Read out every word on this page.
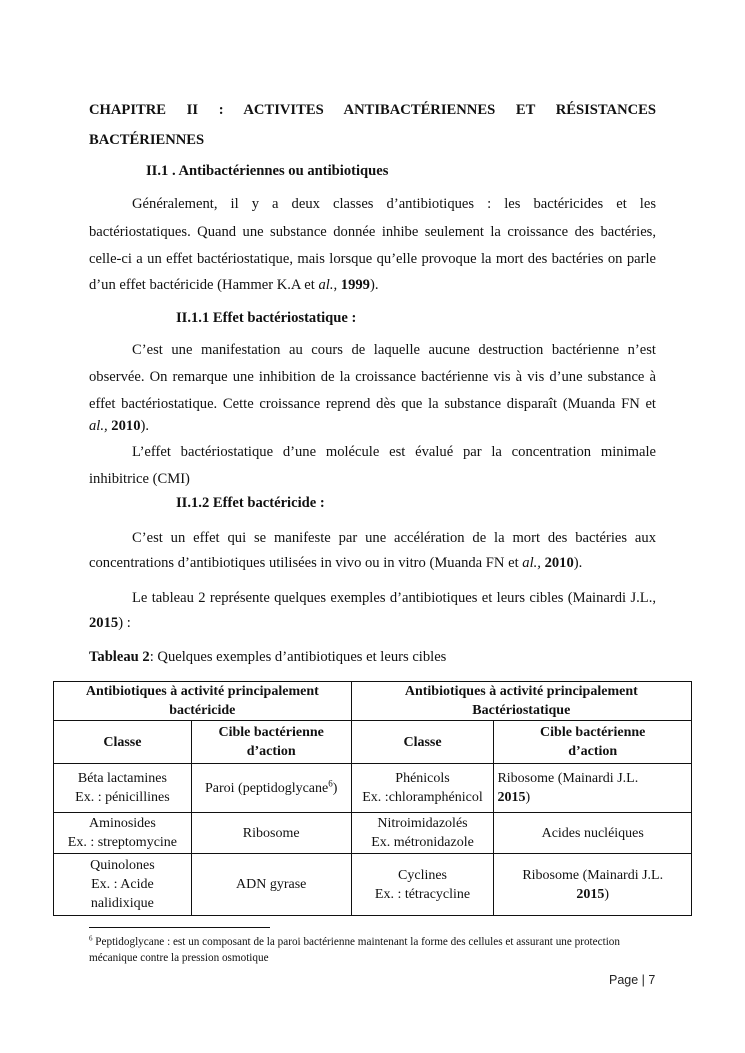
CHAPITRE II : ACTIVITES ANTIBACTÉRIENNES ET RÉSISTANCES
BACTÉRIENNES
II.1 . Antibactériennes ou antibiotiques
Généralement, il y a deux classes d’antibiotiques : les bactéricides et les
bactériostatiques. Quand une substance donnée inhibe seulement la croissance des bactéries,
celle-ci a un effet bactériostatique, mais lorsque qu’elle provoque la mort des bactéries on parle
d’un effet bactéricide (Hammer K.A et al., 1999).
II.1.1 Effet bactériostatique :
C’est une manifestation au cours de laquelle aucune destruction bactérienne n’est
observée. On remarque une inhibition de la croissance bactérienne vis à vis d’une substance à
effet bactériostatique. Cette croissance reprend dès que la substance disparaît (Muanda FN et
al., 2010).
L’effet bactériostatique d’une molécule est évalué par la concentration minimale
inhibitrice (CMI)
II.1.2 Effet bactéricide :
C’est un effet qui se manifeste par une accélération de la mort des bactéries aux
concentrations d’antibiotiques utilisées in vivo ou in vitro (Muanda FN et al., 2010).
Le tableau 2 représente quelques exemples d’antibiotiques et leurs cibles (Mainardi J.L.,
2015) :
Tableau 2: Quelques exemples d’antibiotiques et leurs cibles
Antibiotiques à activité principalement
bactéricide		Antibiotiques à activité principalement
Bactériostatique	
Classe	Cible bactérienne
d’action	Classe	Cible bactérienne
d’action
Béta lactamines
Ex. : pénicillines	Paroi (peptidoglycane$^6$)	Phénicols
Ex. :chloramphénicol	Ribosome (Mainardi J.L.
2015)
Aminosides
Ex. : streptomycine	Ribosome	Nitroimidazolés
Ex. métronidazole	Acides nucléiques
Quinolones
Ex. : Acide
nalidixique	ADN gyrase	Cyclines
Ex. : tétracycline	Ribosome (Mainardi J.L.
2015)
$^6$ Peptidoglycane : est un composant de la paroi bactérienne maintenant la forme des cellules et assurant une protection mécanique contre la pression osmotique
Page | 7
